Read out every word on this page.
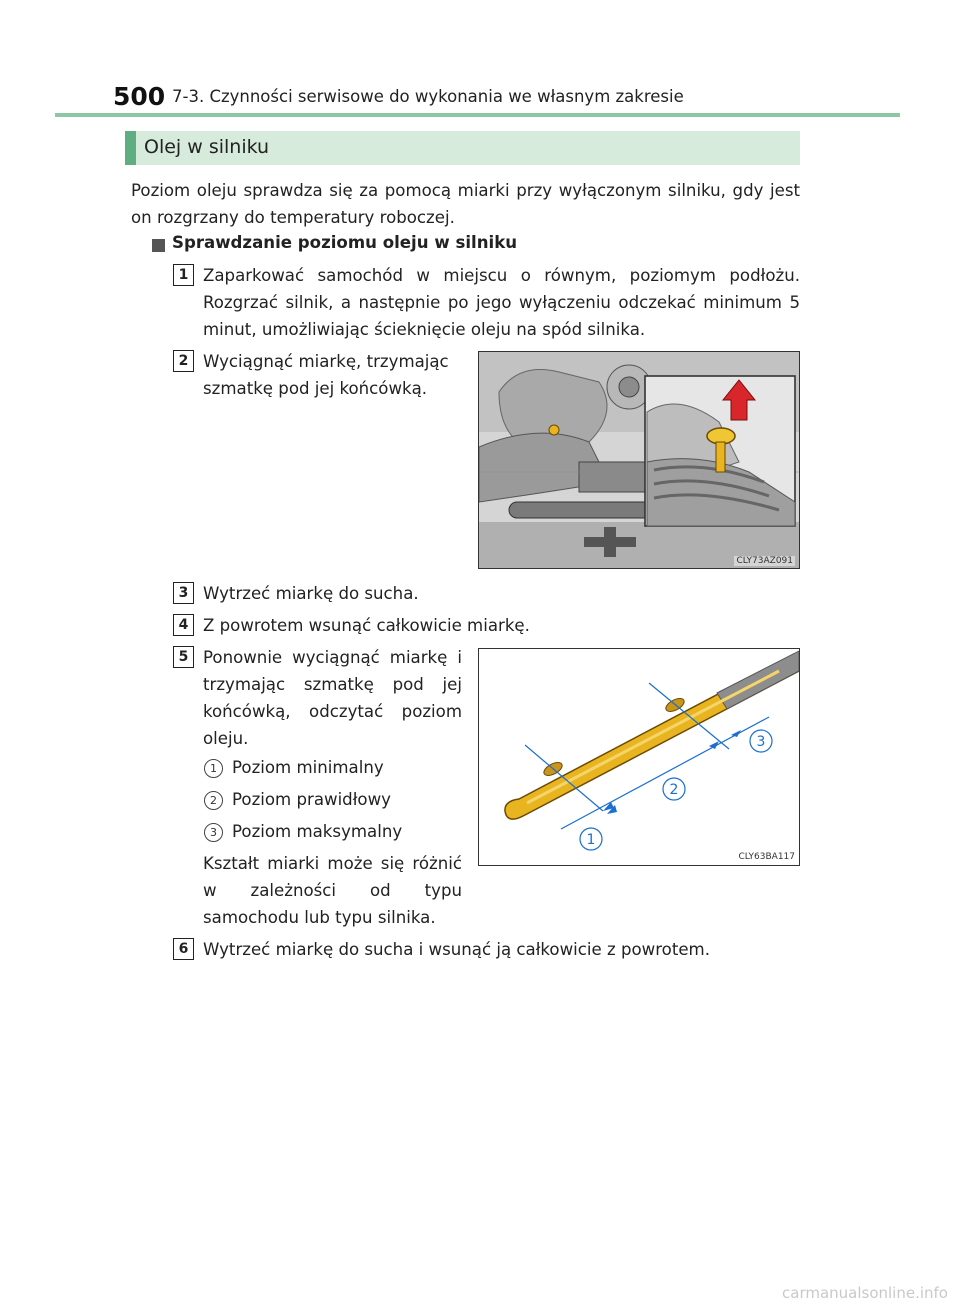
500 7-3. Czynności serwisowe do wykonania we własnym zakresie
Olej w silniku
Poziom oleju sprawdza się za pomocą miarki przy wyłączonym silniku, gdy jest on rozgrzany do temperatury roboczej.
Sprawdzanie poziomu oleju w silniku
1 Zaparkować samochód w miejscu o równym, poziomym podłożu. Rozgrzać silnik, a następnie po jego wyłączeniu odczekać minimum 5 minut, umożliwiając ścieknięcie oleju na spód silnika.
2 Wyciągnąć miarkę, trzymając szmatkę pod jej końcówką.
CLY73AZ091
3 Wytrzeć miarkę do sucha.
4 Z powrotem wsunąć całkowicie miarkę.
5 Ponownie wyciągnąć miarkę i trzymając szmatkę pod jej końcówką, odczytać poziom oleju.
1 Poziom minimalny
2 Poziom prawidłowy
3 Poziom maksymalny
Kształt miarki może się różnić w zależności od typu samochodu lub typu silnika.
1
2
3
CLY63BA117
6 Wytrzeć miarkę do sucha i wsunąć ją całkowicie z powrotem.
carmanualsonline.info
